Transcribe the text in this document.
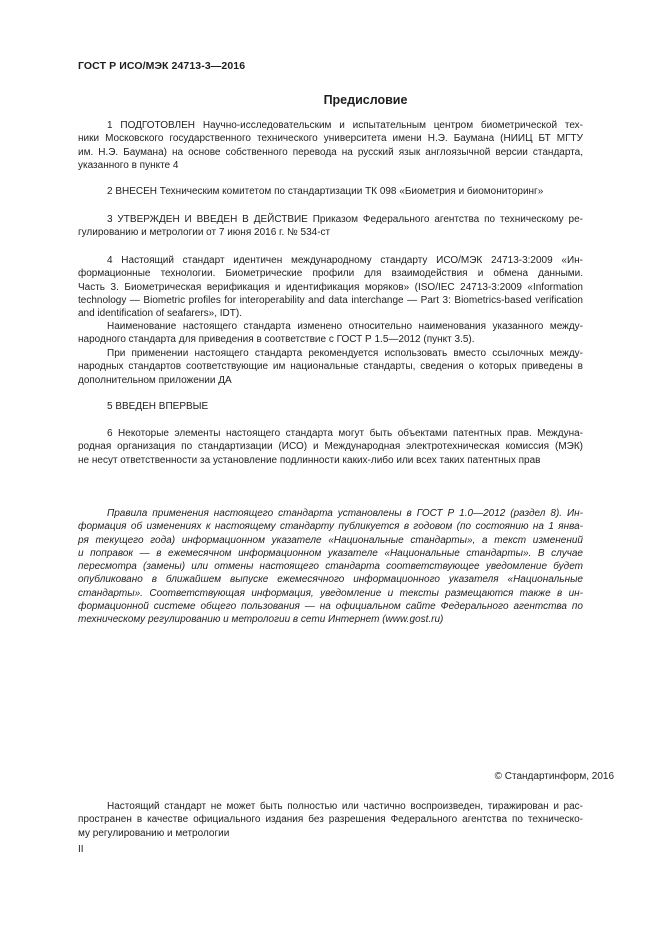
ГОСТ Р ИСО/МЭК 24713-3—2016
Предисловие
1 ПОДГОТОВЛЕН Научно-исследовательским и испытательным центром биометрической тех-
ники Московского государственного технического университета имени Н.Э. Баумана (НИИЦ БТ МГТУ
им. Н.Э. Баумана) на основе собственного перевода на русский язык англоязычной версии стандарта,
указанного в пункте 4
2 ВНЕСЕН Техническим комитетом по стандартизации ТК 098 «Биометрия и биомониторинг»
3 УТВЕРЖДЕН И ВВЕДЕН В ДЕЙСТВИЕ Приказом Федерального агентства по техническому ре-
гулированию и метрологии от 7 июня 2016 г. № 534-ст
4 Настоящий стандарт идентичен международному стандарту ИСО/МЭК 24713-3:2009 «Ин-
формационные технологии. Биометрические профили для взаимодействия и обмена данными.
Часть 3. Биометрическая верификация и идентификация моряков» (ISO/IEC 24713-3:2009 «Information
technology — Biometric profiles for interoperability and data interchange — Part 3: Biometrics-based verification
and identification of seafarers», IDT).
Наименование настоящего стандарта изменено относительно наименования указанного между-
народного стандарта для приведения в соответствие с ГОСТ Р 1.5—2012 (пункт 3.5).
При применении настоящего стандарта рекомендуется использовать вместо ссылочных между-
народных стандартов соответствующие им национальные стандарты, сведения о которых приведены в
дополнительном приложении ДА
5 ВВЕДЕН ВПЕРВЫЕ
6 Некоторые элементы настоящего стандарта могут быть объектами патентных прав. Междуна-
родная организация по стандартизации (ИСО) и Международная электротехническая комиссия (МЭК)
не несут ответственности за установление подлинности каких-либо или всех таких патентных прав
Правила применения настоящего стандарта установлены в ГОСТ Р 1.0—2012 (раздел 8). Ин-
формация об изменениях к настоящему стандарту публикуется в годовом (по состоянию на 1 янва-
ря текущего года) информационном указателе «Национальные стандарты», а текст изменений
и поправок — в ежемесячном информационном указателе «Национальные стандарты». В случае
пересмотра (замены) или отмены настоящего стандарта соответствующее уведомление будет
опубликовано в ближайшем выпуске ежемесячного информационного указателя «Национальные
стандарты». Соответствующая информация, уведомление и тексты размещаются также в ин-
формационной системе общего пользования — на официальном сайте Федерального агентства по
техническому регулированию и метрологии в сети Интернет (www.gost.ru)
© Стандартинформ, 2016
Настоящий стандарт не может быть полностью или частично воспроизведен, тиражирован и рас-
пространен в качестве официального издания без разрешения Федерального агентства по техническо-
му регулированию и метрологии
II
